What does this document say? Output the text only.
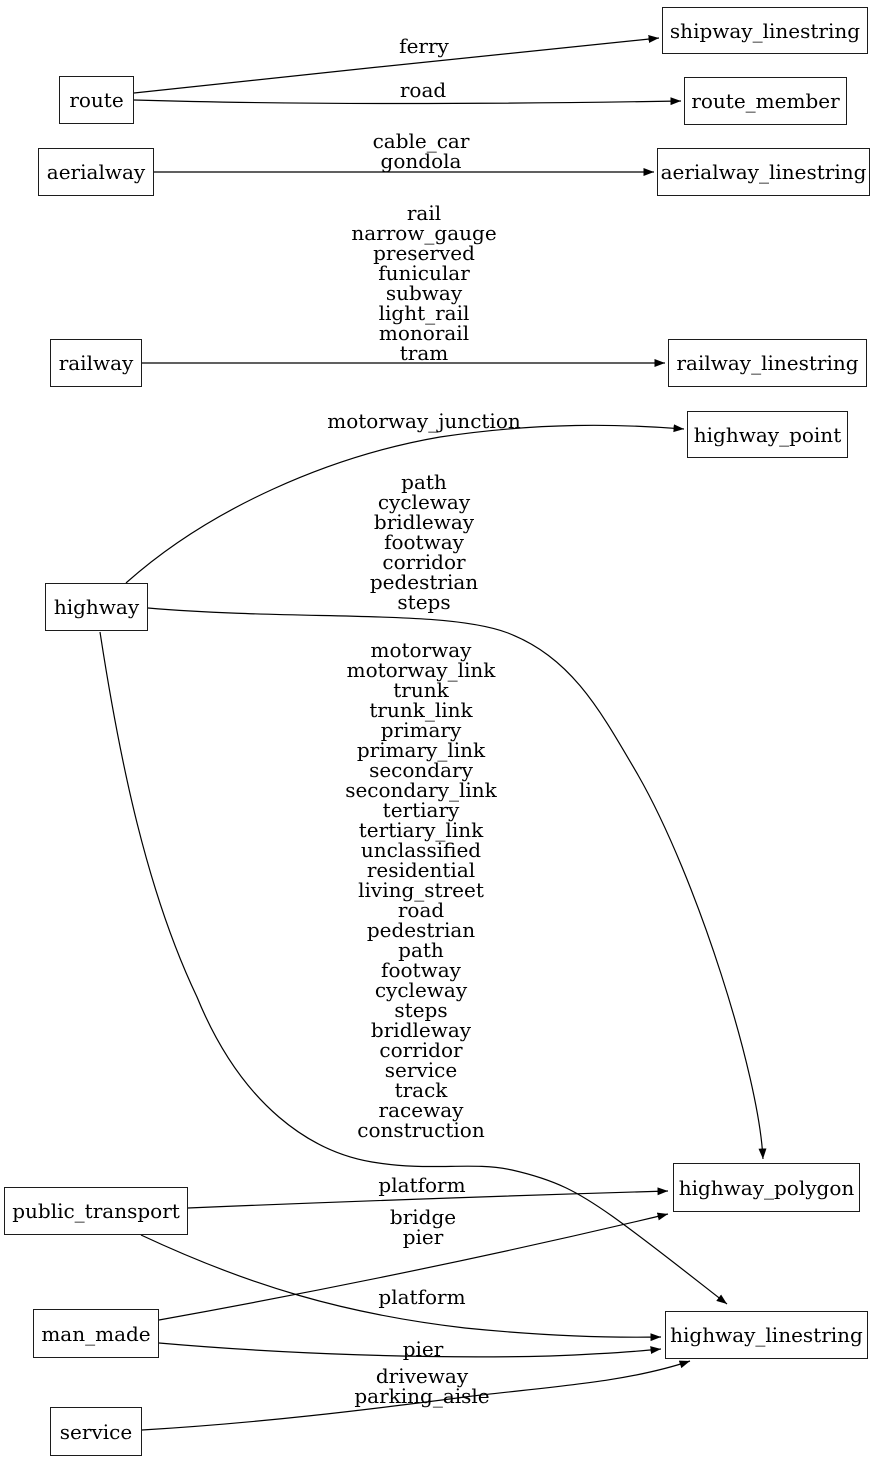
ferry
road
cable_car
gondola
rail
narrow_gauge
preserved
funicular
subway
light_rail
monorail
tram
motorway_junction
path
cycleway
bridleway
footway
corridor
pedestrian
steps
motorway
motorway_link
trunk
trunk_link
primary
primary_link
secondary
secondary_link
tertiary
tertiary_link
unclassified
residential
living_street
road
pedestrian
path
footway
cycleway
steps
bridleway
corridor
service
track
raceway
construction
platform
bridge
pier
platform
pier
driveway
parking_aisle
route
aerialway
railway
highway
public_transport
man_made
service
shipway_linestring
route_member
aerialway_linestring
railway_linestring
highway_point
highway_polygon
highway_linestring
